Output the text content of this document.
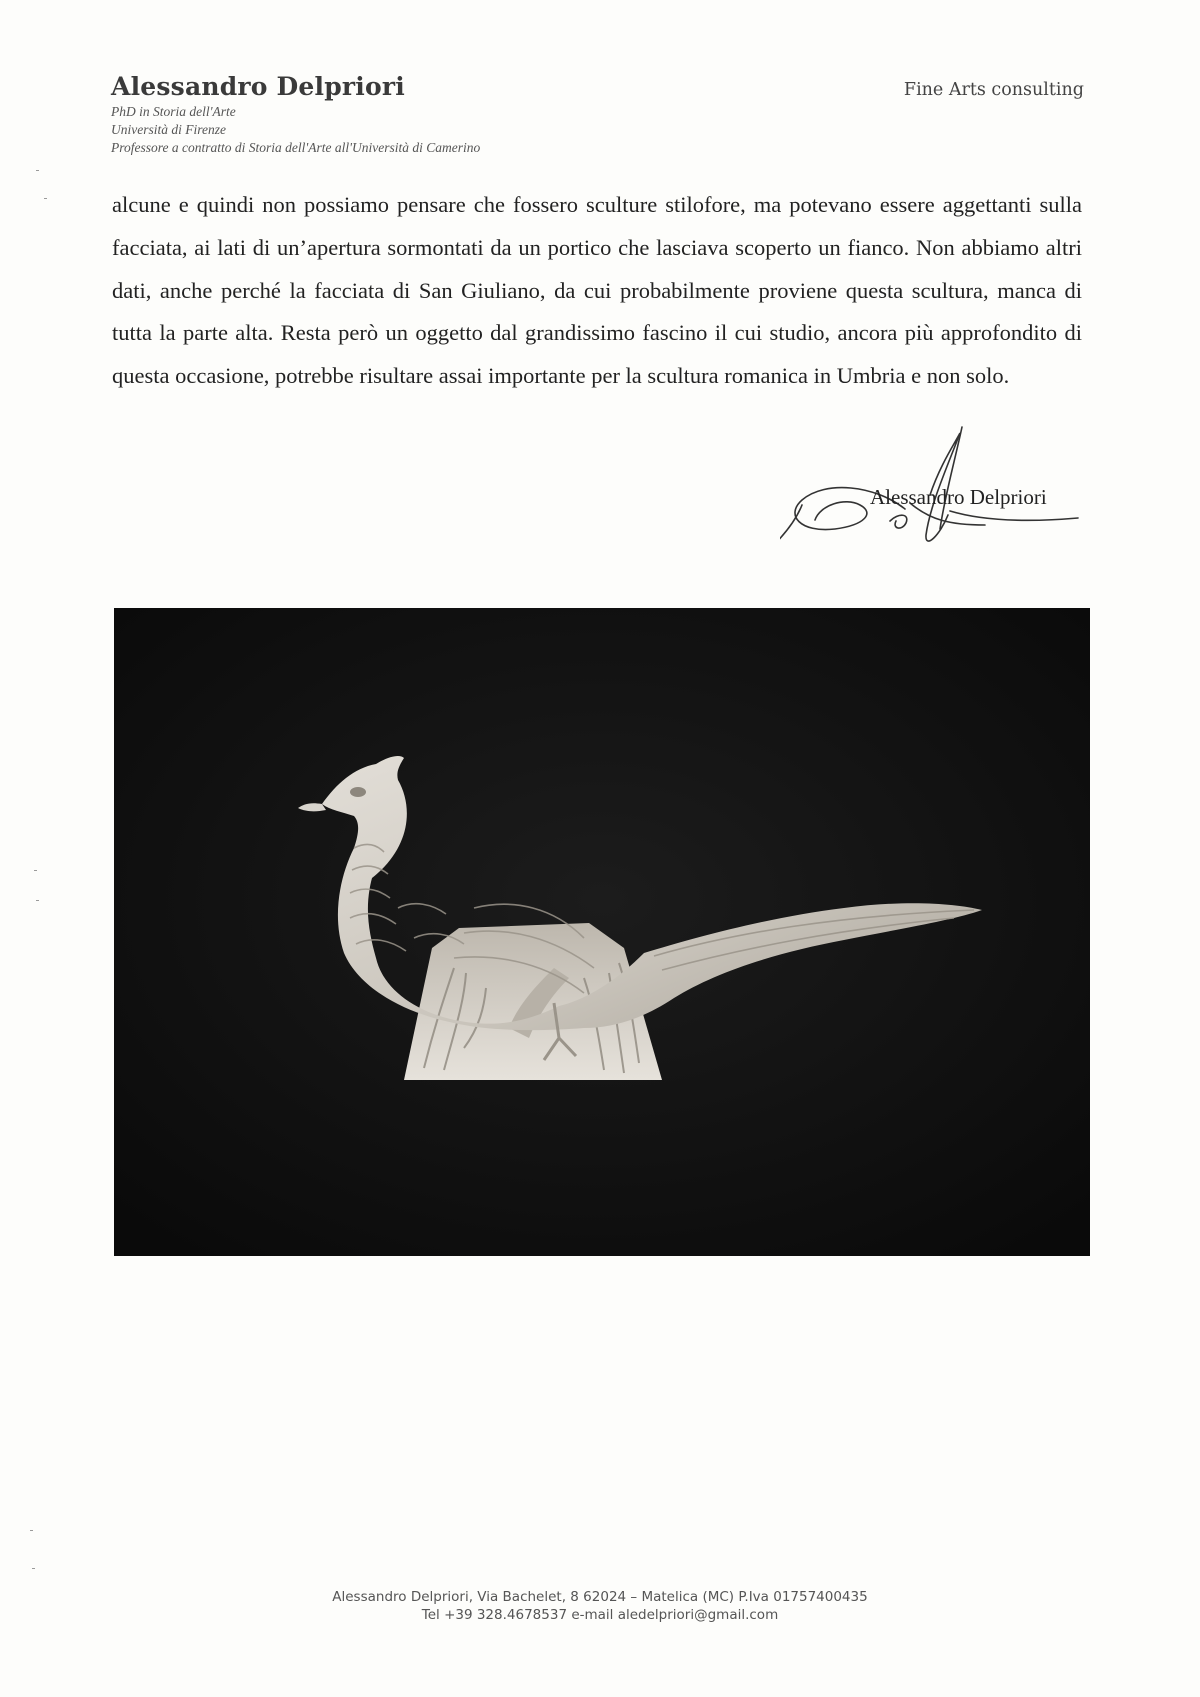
Alessandro Delpriori
PhD in Storia dell'Arte
Università di Firenze
Professore a contratto di Storia dell'Arte all'Università di Camerino
Fine Arts consulting
alcune e quindi non possiamo pensare che fossero sculture stilofore, ma potevano essere aggettanti sulla facciata, ai lati di un’apertura sormontati da un portico che lasciava scoperto un fianco. Non abbiamo altri dati, anche perché la facciata di San Giuliano, da cui probabilmente proviene questa scultura, manca di tutta la parte alta. Resta però un oggetto dal grandissimo fascino il cui studio, ancora più approfondito di questa occasione, potrebbe risultare assai importante per la scultura romanica in Umbria e non solo.
Alessandro Delpriori
Alessandro Delpriori, Via Bachelet, 8 62024 – Matelica (MC) P.Iva 01757400435
Tel +39 328.4678537 e-mail aledelpriori@gmail.com
